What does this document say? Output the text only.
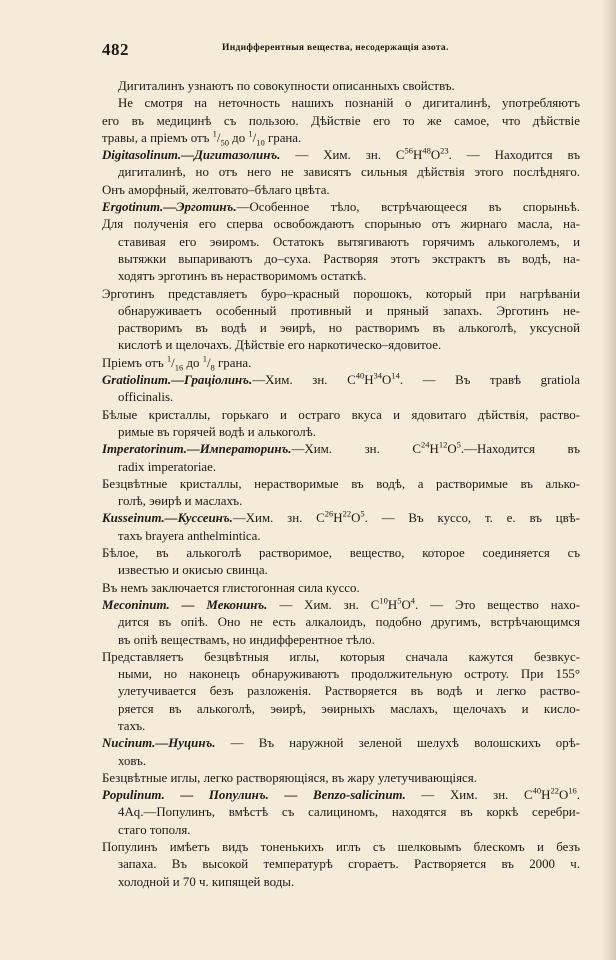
482	Индифферентныя вещества, несодержащія азота.

Дигиталинъ узнаютъ по совокупности описанныхъ свойствъ.

Не смотря на неточность нашихъ познаній о дигиталинѣ, употребляютъ
его въ медицинѣ съ пользою. Дѣйствіе его то же самое, что дѣйствіе
травы, а пріемъ отъ $^1/_{50}$ до $^1/_{10}$ грана.

Digitasolinum.—Дигитазолинъ. — Хим. зн. $C^{56}H^{48}O^{23}$. — Находится въ
дигиталинѣ, но отъ него не зависятъ сильныя дѣйствія этого послѣдняго.
Онъ аморфный, желтовато–бѣлаго цвѣта.
Ergotinum.—Эрготинъ.—Особенное тѣло, встрѣчающееся въ спорыньѣ.
Для полученія его сперва освобождаютъ спорынью отъ жирнаго масла, на-
ставивая его эѳиромъ. Остатокъ вытягиваютъ горячимъ алькоголемъ, и
вытяжки выпариваютъ до–суха. Растворяя этотъ экстрактъ въ водѣ, на-
ходятъ эрготинъ въ нерастворимомъ остаткѣ.
Эрготинъ представляетъ буро–красный порошокъ, который при нагрѣваніи
обнаруживаетъ особенный противный и пряный запахъ. Эрготинъ не-
растворимъ въ водѣ и эѳирѣ, но растворимъ въ алькоголѣ, уксусной
кислотѣ и щелочахъ. Дѣйствіе его наркотическо–ядовитое.
Пріемъ отъ $^1/_{16}$ до $^1/_8$ грана.
Gratiolinum.—Граціолинъ.—Хим. зн. $C^{40}H^{34}O^{14}$. — Въ травѣ gratiola
officinalis.
Бѣлые кристаллы, горькаго и остраго вкуса и ядовитаго дѣйствія, раство-
римые въ горячей водѣ и алькоголѣ.
Imperatorinum.—Императоринъ.—Хим. зн. $C^{24}H^{12}O^5.—Находится$ въ
radix imperatoriae.
Безцвѣтные кристаллы, нерастворимые въ водѣ, а растворимые въ алько-
голѣ, эѳирѣ и маслахъ.
Kusseinum.—Куссеинъ.—Хим. зн. $C^{26}H^{22}O^5$. — Въ куссо, т. е. въ цвѣ-
тахъ brayera anthelmintica.
Бѣлое, въ алькоголѣ растворимое, вещество, которое соединяется съ
известью и окисью свинца.
Въ немъ заключается глистогонная сила куссо.
Meconinum. — Меконинъ. — Хим. зн. $C^{10}H^5O^4$. — Это вещество нахо-
дится въ опіѣ. Оно не есть алкалоидъ, подобно другимъ, встрѣчающимся
въ опіѣ веществамъ, но индифферентное тѣло.
Представляетъ безцвѣтныя иглы, которыя сначала кажутся безвкус-
ными, но наконецъ обнаруживаютъ продолжительную остроту. При 155°
улетучивается безъ разложенія. Растворяется въ водѣ и легко раство-
ряется въ алькоголѣ, эѳирѣ, эѳирныхъ маслахъ, щелочахъ и кисло-
тахъ.
Nucinum.—Нуцинъ. — Въ наружной зеленой шелухѣ волошскихъ орѣ-
ховъ.
Безцвѣтные иглы, легко растворяющіяся, въ жару улетучивающіяся.
Populinum. — Популинъ. — Benzo-salicinum. — Хим. зн. $C^{40}H^{22}O^{16}$.
4Aq.—Популинъ, вмѣстѣ съ салициномъ, находятся въ коркѣ серебри-
стаго тополя.
Популинъ имѣетъ видъ тоненькихъ иглъ съ шелковымъ блескомъ и безъ
запаха. Въ высокой температурѣ сгораетъ. Растворяется въ 2000 ч.
холодной и 70 ч. кипящей воды.
